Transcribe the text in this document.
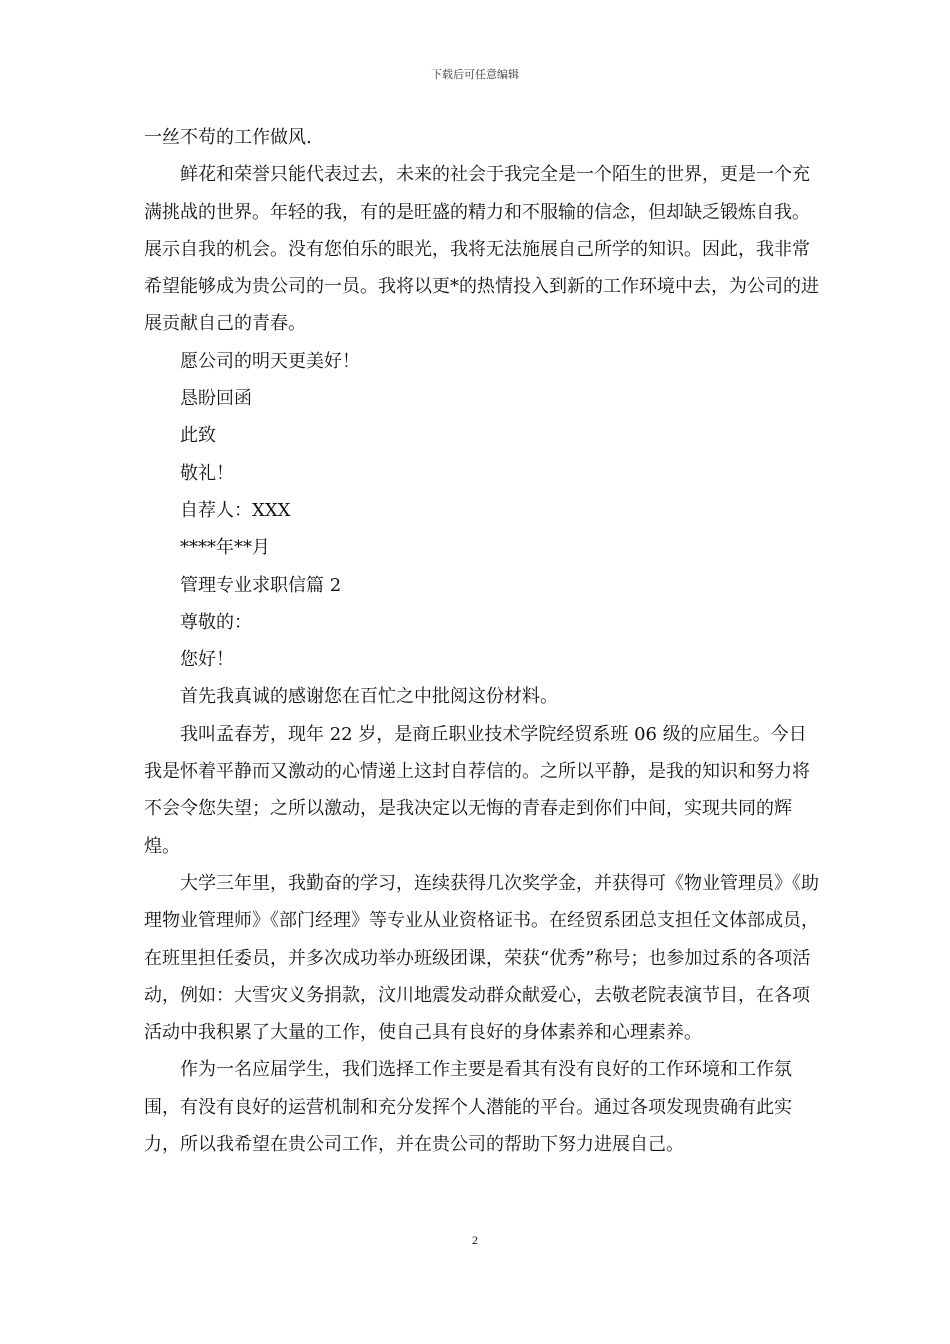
下载后可任意编辑

一丝不苟的工作做风.

鲜花和荣誉只能代表过去，未来的社会于我完全是一个陌生的世界，更是一个充满挑战的世界。年轻的我，有的是旺盛的精力和不服输的信念，但却缺乏锻炼自我。展示自我的机会。没有您伯乐的眼光，我将无法施展自己所学的知识。因此，我非常希望能够成为贵公司的一员。我将以更*的热情投入到新的工作环境中去，为公司的进展贡献自己的青春。

愿公司的明天更美好！

恳盼回函

此致

敬礼！

自荐人：XXX

****年**月

管理专业求职信篇 2

尊敬的：

您好！

首先我真诚的感谢您在百忙之中批阅这份材料。

我叫孟春芳，现年 22 岁，是商丘职业技术学院经贸系班 06 级的应届生。今日我是怀着平静而又激动的心情递上这封自荐信的。之所以平静，是我的知识和努力将不会令您失望；之所以激动，是我决定以无悔的青春走到你们中间，实现共同的辉煌。

大学三年里，我勤奋的学习，连续获得几次奖学金，并获得可《物业管理员》《助理物业管理师》《部门经理》等专业从业资格证书。在经贸系团总支担任文体部成员，在班里担任委员，并多次成功举办班级团课，荣获“优秀”称号；也参加过系的各项活动，例如：大雪灾义务捐款，汶川地震发动群众献爱心，去敬老院表演节目，在各项活动中我积累了大量的工作，使自己具有良好的身体素养和心理素养。

作为一名应届学生，我们选择工作主要是看其有没有良好的工作环境和工作氛围，有没有良好的运营机制和充分发挥个人潜能的平台。通过各项发现贵确有此实力，所以我希望在贵公司工作，并在贵公司的帮助下努力进展自己。

2
